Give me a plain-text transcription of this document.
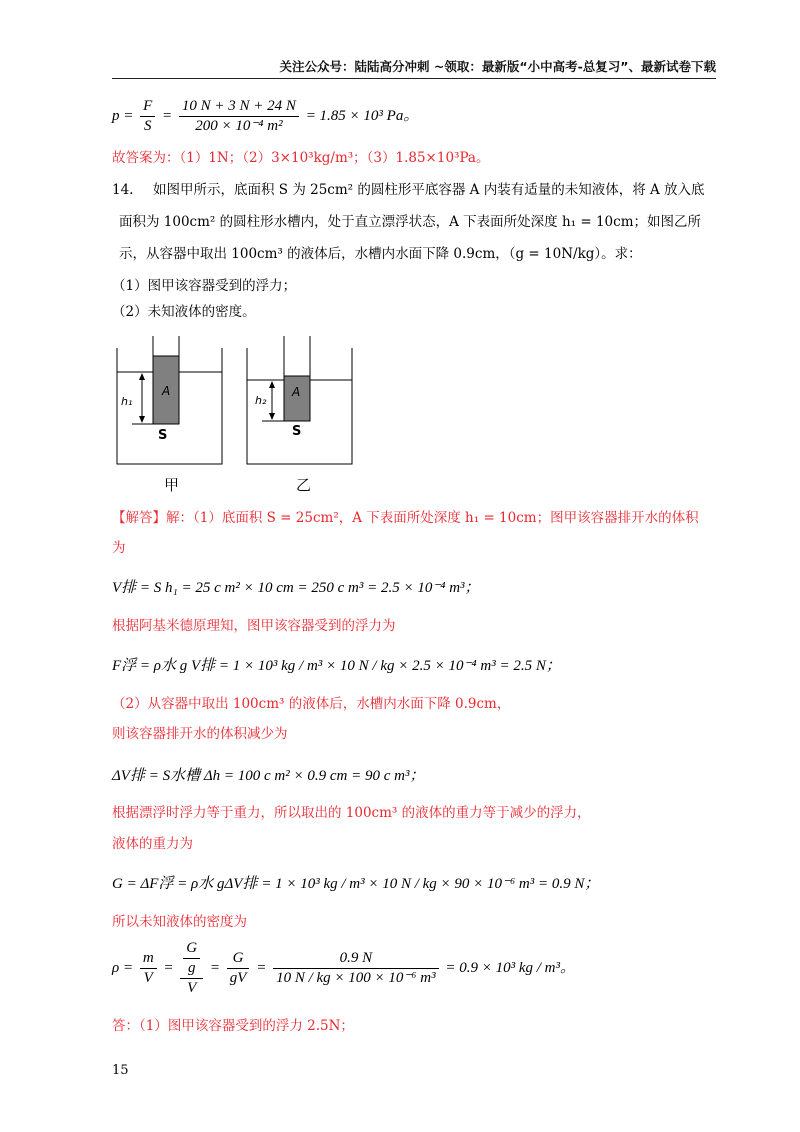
关注公众号：陆陆高分冲刺 ~领取：最新版“小中高考-总复习”、最新试卷下载
$p = \frac{F}{S} = \frac{10 N + 3 N + 24 N}{\text{200 × 10⁻⁴ m²}} = 1.85 \times 10^3$ Pa。
故答案为：（1）1N；（2）3×10³kg/m³；（3）1.85×10³Pa。
14. 如图甲所示，底面积 S 为 25cm² 的圆柱形平底容器 A 内装有适量的未知液体，将 A 放入底
面积为 100cm² 的圆柱形水槽内，处于直立漂浮状态，A 下表面所处深度 h₁ = 10cm；如图乙所
示，从容器中取出 100cm³ 的液体后，水槽内水面下降 0.9cm，（g = 10N/kg）。求：
（1）图甲该容器受到的浮力；
（2）未知液体的密度。
A
S
h₁
甲
A
S
h₂
乙
【解答】解：（1）底面积 S = 25cm²，A 下表面所处深度 h₁ = 10cm；图甲该容器排开水的体积
为
V排 = S h₁ = 25 c m² × 10 cm = 250 c m³ = 2.5 × 10⁻⁴ m³；
根据阿基米德原理知，图甲该容器受到的浮力为
F浮 = ρ水 g V排 = 1 × 10³ kg / m³ × 10 N / kg × 2.5 × 10⁻⁴ m³ = 2.5 N；
（2）从容器中取出 100cm³ 的液体后，水槽内水面下降 0.9cm，
则该容器排开水的体积减少为
ΔV排 = S水槽 Δh = 100 c m² × 0.9 cm = 90 c m³；
根据漂浮时浮力等于重力，所以取出的 100cm³ 的液体的重力等于减少的浮力，
液体的重力为
G = ΔF浮 = ρ水 gΔV排 = 1 × 10³ kg / m³ × 10 N / kg × 90 × 10⁻⁶ m³ = 0.9 N；
所以未知液体的密度为
$\rho = \frac{m}{V} = \frac{\frac{G}{g}}{V} = \frac{G}{gV} = \frac{0.9 N}{\text{10 N / kg × 100 × 10⁻⁶ m³}} = 0.9 \times 10^3$ kg / m³。
答：（1）图甲该容器受到的浮力 2.5N；
15
